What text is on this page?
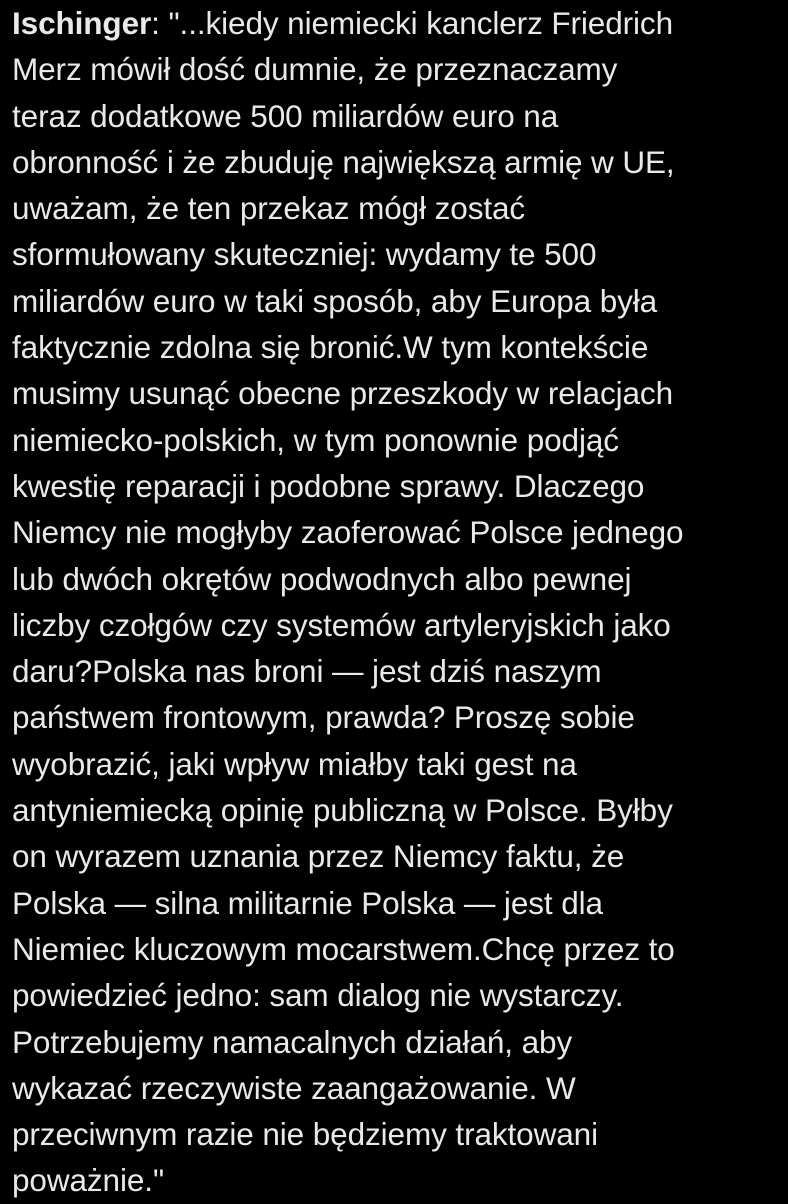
Ischinger: "...kiedy niemiecki kanclerz Friedrich
Merz mówił dość dumnie, że przeznaczamy
teraz dodatkowe 500 miliardów euro na
obronność i że zbuduję największą armię w UE,
uważam, że ten przekaz mógł zostać
sformułowany skuteczniej: wydamy te 500
miliardów euro w taki sposób, aby Europa była
faktycznie zdolna się bronić.W tym kontekście
musimy usunąć obecne przeszkody w relacjach
niemiecko-polskich, w tym ponownie podjąć
kwestię reparacji i podobne sprawy. Dlaczego
Niemcy nie mogłyby zaoferować Polsce jednego
lub dwóch okrętów podwodnych albo pewnej
liczby czołgów czy systemów artyleryjskich jako
daru?Polska nas broni — jest dziś naszym
państwem frontowym, prawda? Proszę sobie
wyobrazić, jaki wpływ miałby taki gest na
antyniemiecką opinię publiczną w Polsce. Byłby
on wyrazem uznania przez Niemcy faktu, że
Polska — silna militarnie Polska — jest dla
Niemiec kluczowym mocarstwem.Chcę przez to
powiedzieć jedno: sam dialog nie wystarczy.
Potrzebujemy namacalnych działań, aby
wykazać rzeczywiste zaangażowanie. W
przeciwnym razie nie będziemy traktowani
poważnie."
